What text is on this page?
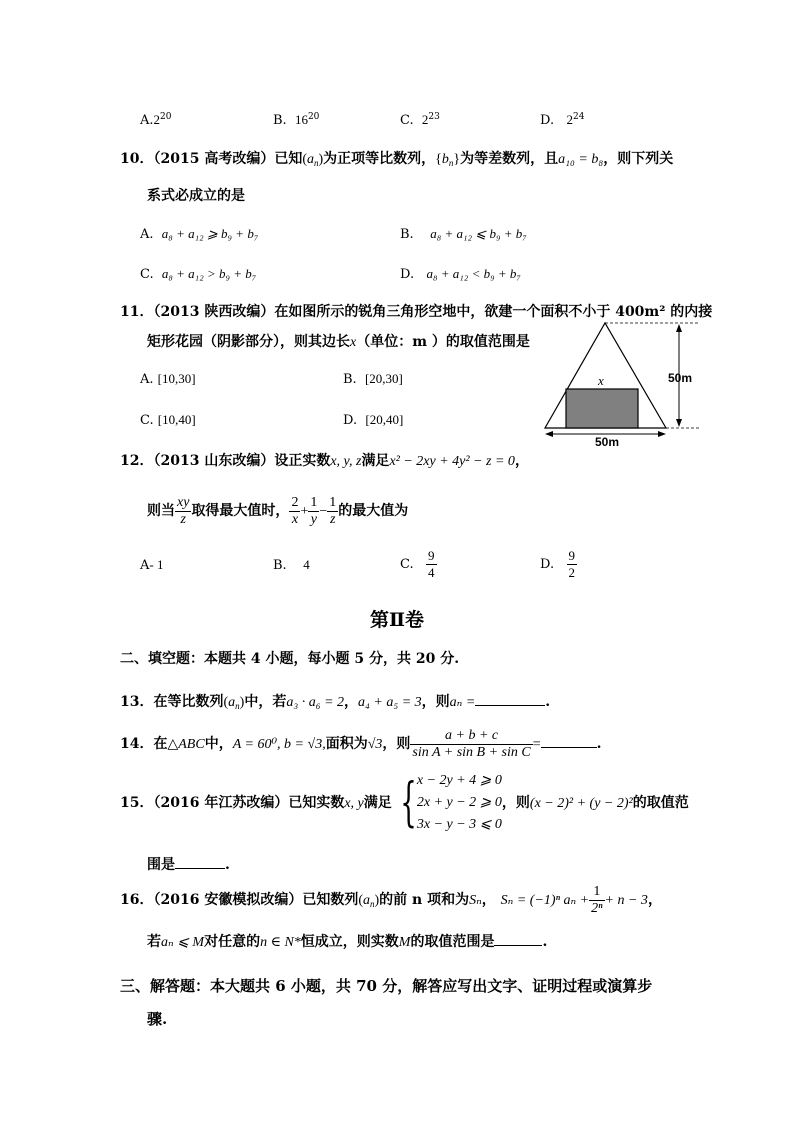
$A.2^{20}$	B. $16^{20}$	C. $2^{23}$	D. $2^{24}$
10．（2015 高考改编）已知$(a_n)$为正项等比数列，$\{b_n\}$为等差数列，且a₁₀ = b₈，则下列关
系式必成立的是
A. a₈ + a₁₂ ⩾ b₉ + b₇	B. a₈ + a₁₂ ⩽ b₉ + b₇
C. a₈ + a₁₂ > b₉ + b₇	D. a₈ + a₁₂ < b₉ + b₇
11．（2013 陕西改编）在如图所示的锐角三角形空地中，欲建一个面积不小于 400m² 的内接
矩形花园（阴影部分），则其边长x（单位：m ）的取值范围是
A. [10,30]	B. [20,30]
C. [10,40]	D. [20,40]
x	50m
50m
12．（2013 山东改编）设正实数x, y, z满足x² − 2xy + 4y² − z = 0，
则当 $\frac{xy}{z}$ 取得最大值时， $\frac{2}{x} + \frac{1}{y} - \frac{1}{z}$ 的最大值为
A- 1	B. 4	C. $\frac{9}{4}$	D. $\frac{9}{2}$
第Ⅱ卷
二、填空题：本题共 4 小题，每小题 5 分，共 20 分.
13．在等比数列$(a_n)$中，若a₃ · a₆ = 2，a₄ + a₅ = 3，则aₙ =	.
14．在△ABC中，A = 60⁰, b = √3,面积为√3，则 $\frac{a + b + c}{\text{sin A + sin B + sin C}}$ =	.
15．（2016 年江苏改编）已知实数x, y满足 { x − 2y + 4 ⩾ 0
2x + y − 2 ⩾ 0
3x − y − 3 ⩽ 0
，则(x − 2)² + (y − 2)²的取值范
围是	.
16．（2016 安徽模拟改编）已知数列$(a_n)$的前 n 项和为Sₙ， Sₙ = (−1)ⁿ $a_n + \frac{1}{\text{2ⁿ}} + n - 3$，
若aₙ ⩽ M对任意的n ∈ N*恒成立，则实数M的取值范围是	.
三、解答题：本大题共 6 小题，共 70 分，解答应写出文字、证明过程或演算步
骤.
